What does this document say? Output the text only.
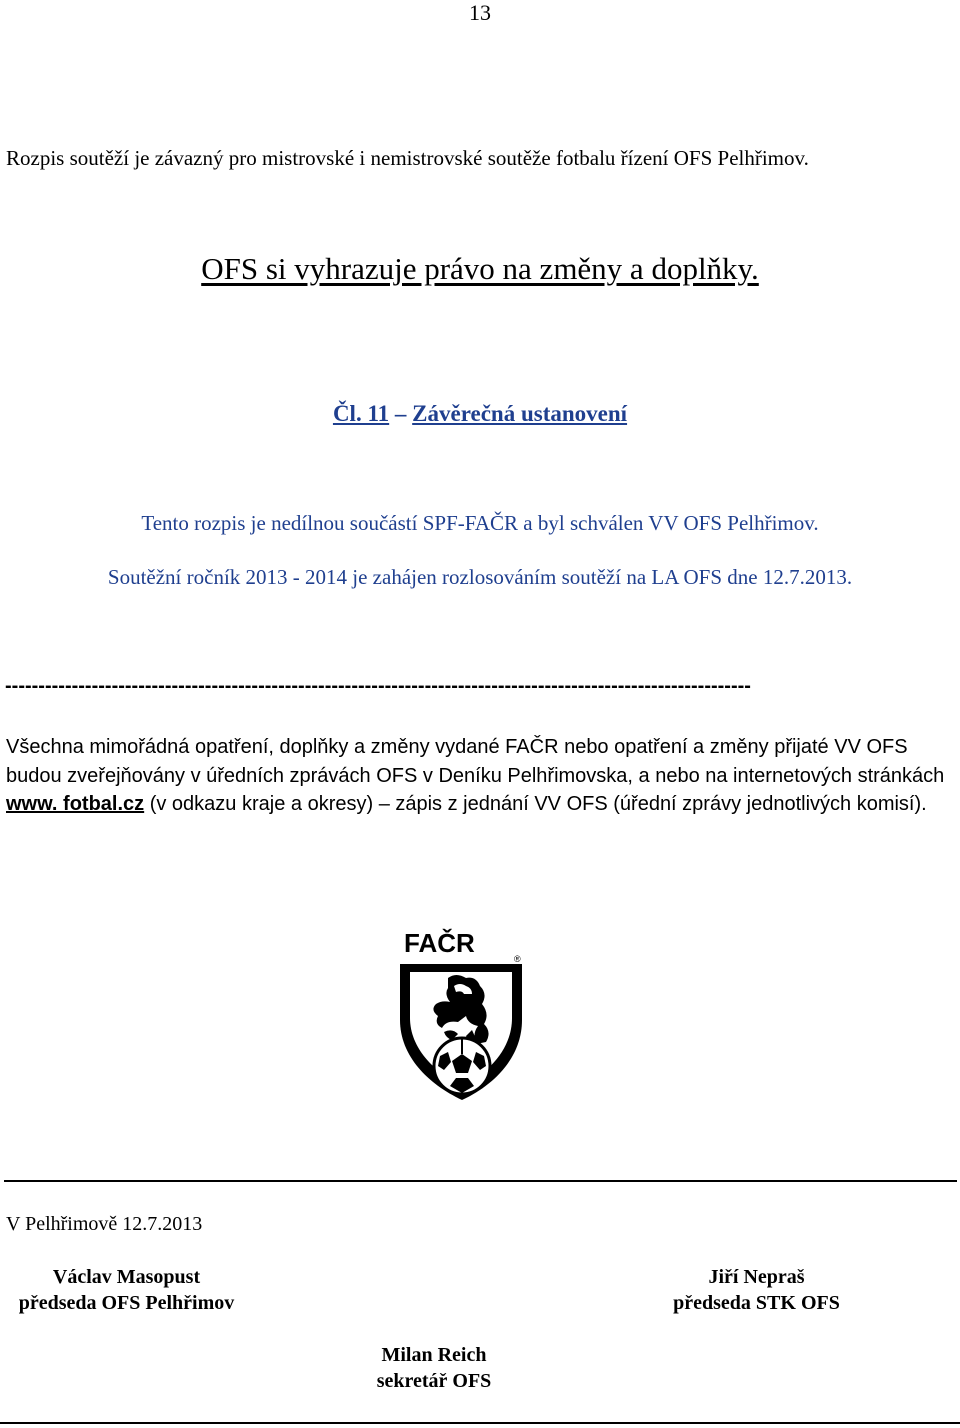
13
Rozpis soutěží je závazný pro mistrovské i nemistrovské soutěže fotbalu řízení OFS Pelhřimov.
OFS si vyhrazuje právo na změny a doplňky.
Čl. 11 – Závěrečná ustanovení
Tento rozpis je nedílnou součástí SPF-FAČR a byl schválen VV OFS Pelhřimov.
Soutěžní ročník 2013 - 2014 je zahájen rozlosováním soutěží na LA OFS dne 12.7.2013.
----------------------------------------------------------------------------------------------------------------
Všechna mimořádná opatření, doplňky a změny vydané FAČR nebo opatření a změny přijaté VV OFS budou zveřejňovány v úředních zprávách OFS v Deníku Pelhřimovska, a nebo na internetových stránkách www. fotbal.cz (v odkazu kraje a okresy) – zápis z jednání VV OFS (úřední zprávy jednotlivých komisí).
FAČR
®
V Pelhřimově 12.7.2013
Václav Masopust
předseda OFS Pelhřimov
Jiří Nepraš
předseda STK OFS
Milan Reich
sekretář OFS
